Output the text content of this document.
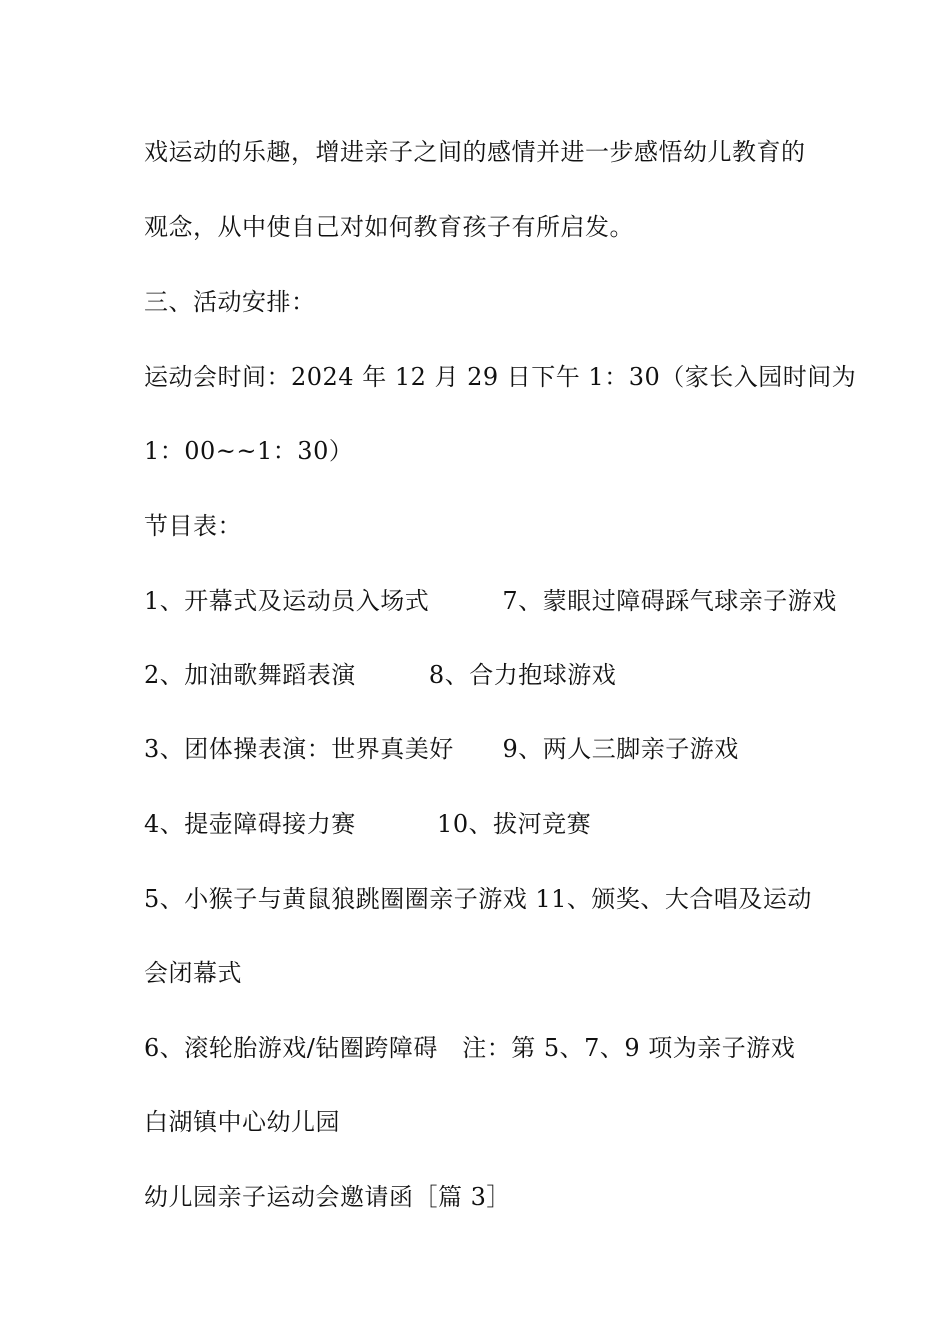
戏运动的乐趣，增进亲子之间的感情并进一步感悟幼儿教育的
观念，从中使自己对如何教育孩子有所启发。
三、活动安排：
运动会时间：2024 年 12 月 29 日下午 1：30（家长入园时间为
1：00~~1：30）
节目表：
1、开幕式及运动员入场式         7、蒙眼过障碍踩气球亲子游戏
2、加油歌舞蹈表演         8、合力抱球游戏
3、团体操表演：世界真美好      9、两人三脚亲子游戏
4、提壶障碍接力赛          10、拔河竞赛
5、小猴子与黄鼠狼跳圈圈亲子游戏 11、颁奖、大合唱及运动
会闭幕式
6、滚轮胎游戏/钻圈跨障碍   注：第 5、7、9 项为亲子游戏
白湖镇中心幼儿园
幼儿园亲子运动会邀请函［篇 3］
